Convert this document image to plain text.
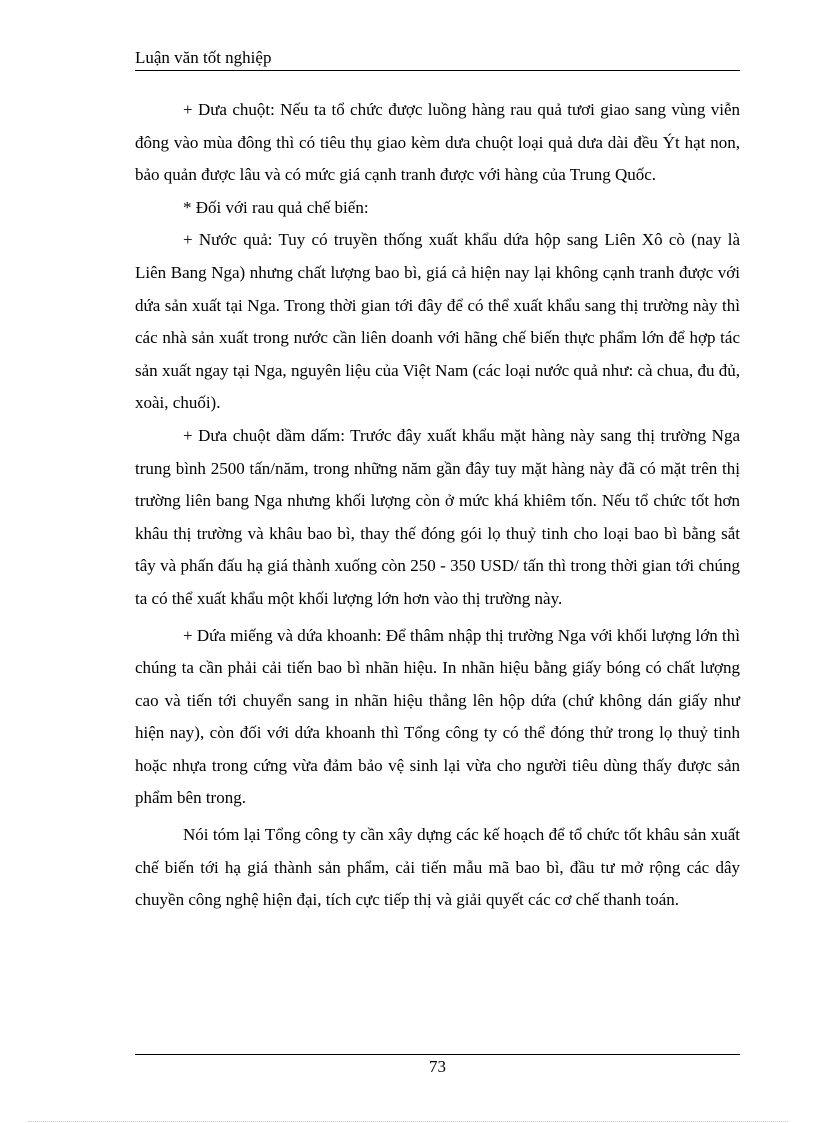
Luận văn tốt nghiệp

+ Dưa chuột: Nếu ta tổ chức được luồng hàng rau quả tươi giao sang vùng viễn đông vào mùa đông thì có tiêu thụ giao kèm dưa chuột loại quả dưa dài đều Ýt hạt non, bảo quản được lâu và có mức giá cạnh tranh được với hàng của Trung Quốc.

* Đối với rau quả chế biến:

+ Nước quả: Tuy có truyền thống xuất khẩu dứa hộp sang Liên Xô cò (nay là Liên Bang Nga) nhưng chất lượng bao bì, giá cả hiện nay lại không cạnh tranh được với dứa sản xuất tại Nga. Trong thời gian tới đây để có thể xuất khẩu sang thị trường này thì các nhà sản xuất trong nước cần liên doanh với hãng chế biến thực phẩm lớn để hợp tác sản xuất ngay tại Nga, nguyên liệu của Việt Nam (các loại nước quả như: cà chua, đu đủ, xoài, chuối).

+ Dưa chuột dầm dấm: Trước đây xuất khẩu mặt hàng này sang thị trường Nga trung bình 2500 tấn/năm, trong những năm gần đây tuy mặt hàng này đã có mặt trên thị trường liên bang Nga nhưng khối lượng còn ở mức khá khiêm tốn. Nếu tổ chức tốt hơn khâu thị trường và khâu bao bì, thay thế đóng gói lọ thuỷ tinh cho loại bao bì bằng sắt tây và phấn đấu hạ giá thành xuống còn 250 - 350 USD/ tấn thì trong thời gian tới chúng ta có thể xuất khẩu một khối lượng lớn hơn vào thị trường này.

+ Dứa miếng và dứa khoanh: Để thâm nhập thị trường Nga với khối lượng lớn thì chúng ta cần phải cải tiến bao bì nhãn hiệu. In nhãn hiệu bằng giấy bóng có chất lượng cao và tiến tới chuyển sang in nhãn hiệu thẳng lên hộp dứa (chứ không dán giấy như hiện nay), còn đối với dứa khoanh thì Tổng công ty có thể đóng thử trong lọ thuỷ tinh hoặc nhựa trong cứng vừa đảm bảo vệ sinh lại vừa cho người tiêu dùng thấy được sản phẩm bên trong.

Nói tóm lại Tổng công ty cần xây dựng các kế hoạch để tổ chức tốt khâu sản xuất chế biến tới hạ giá thành sản phẩm, cải tiến mẫu mã bao bì, đầu tư mở rộng các dây chuyền công nghệ hiện đại, tích cực tiếp thị và giải quyết các cơ chế thanh toán.

73
